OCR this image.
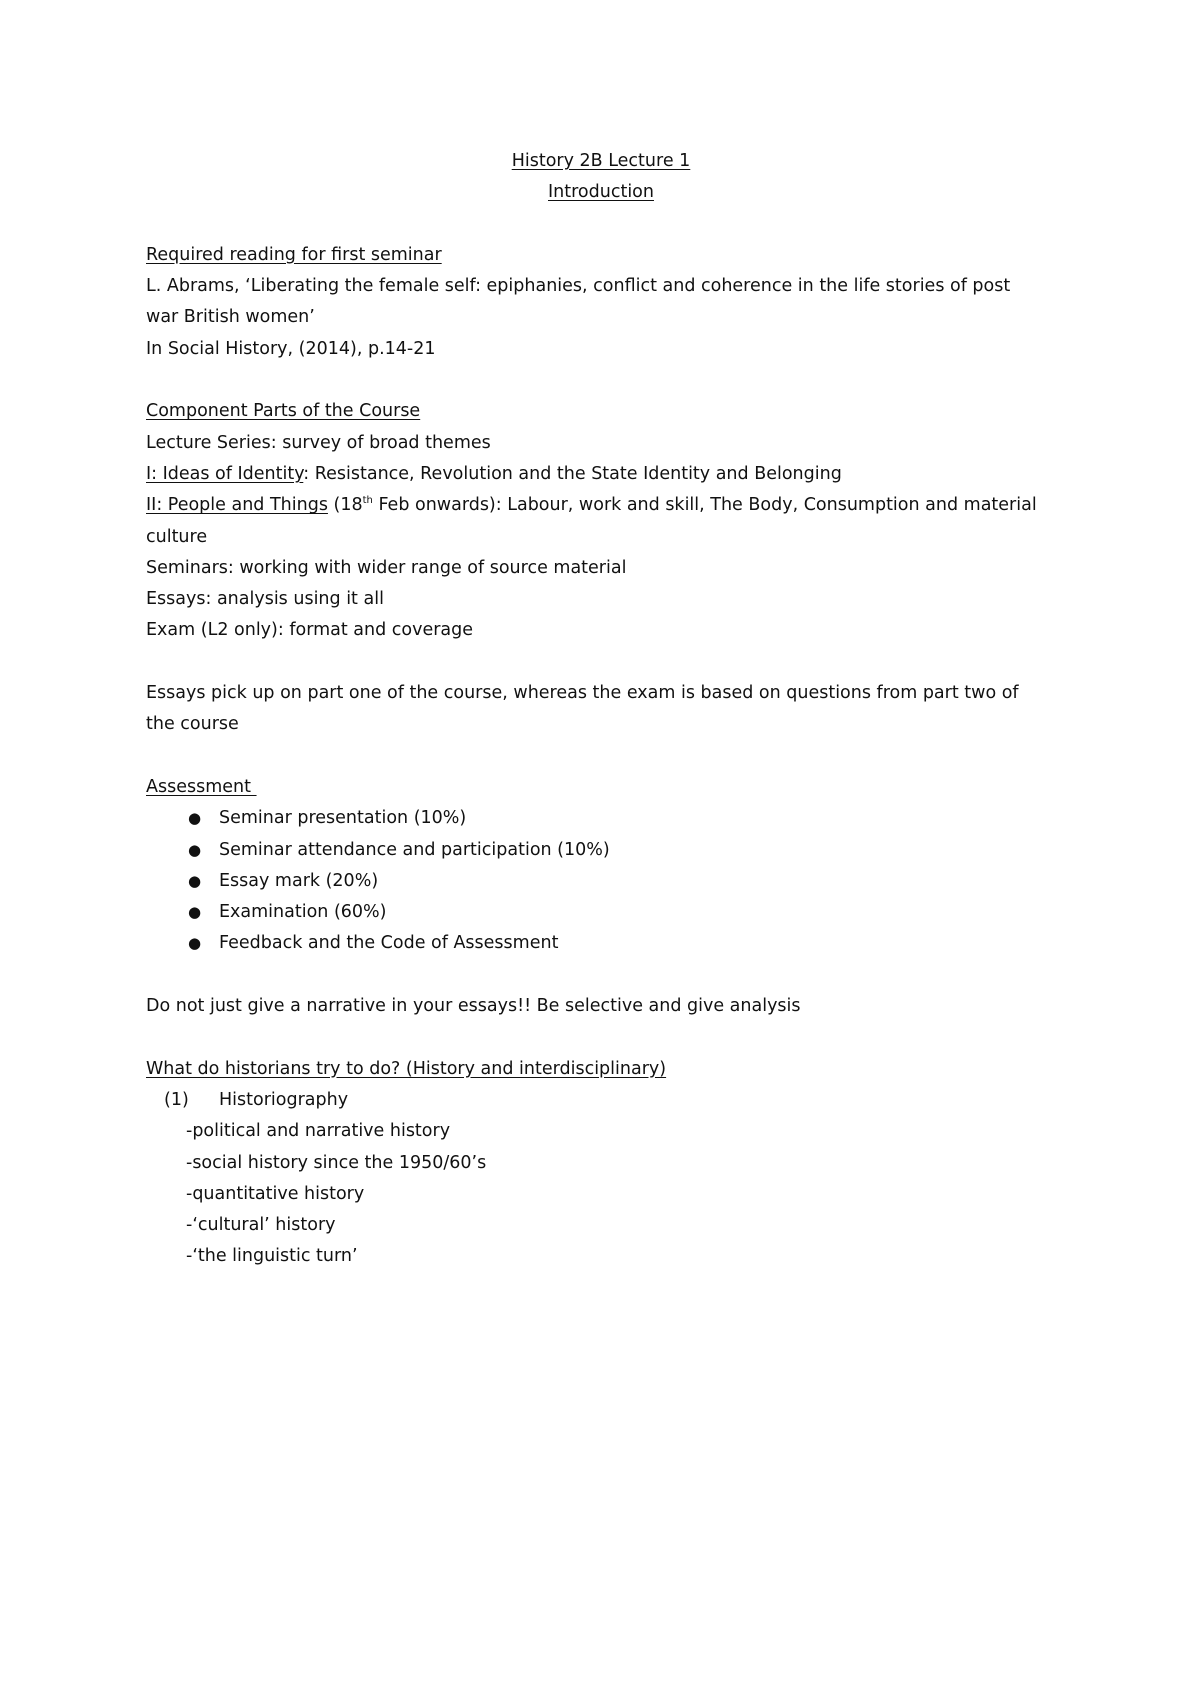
History 2B Lecture 1
Introduction
Required reading for first seminar
L. Abrams, ‘Liberating the female self: epiphanies, conflict and coherence in the life stories of post
war British women’
In Social History, (2014), p.14-21
Component Parts of the Course
Lecture Series: survey of broad themes
I: Ideas of Identity: Resistance, Revolution and the State Identity and Belonging
II: People and Things (18th Feb onwards): Labour, work and skill, The Body, Consumption and material
culture
Seminars: working with wider range of source material
Essays: analysis using it all
Exam (L2 only): format and coverage
Essays pick up on part one of the course, whereas the exam is based on questions from part two of
the course
Assessment
● Seminar presentation (10%)
● Seminar attendance and participation (10%)
● Essay mark (20%)
● Examination (60%)
● Feedback and the Code of Assessment
Do not just give a narrative in your essays!! Be selective and give analysis
What do historians try to do? (History and interdisciplinary)
(1) Historiography
-political and narrative history
-social history since the 1950/60’s
-quantitative history
-‘cultural’ history
-‘the linguistic turn’
